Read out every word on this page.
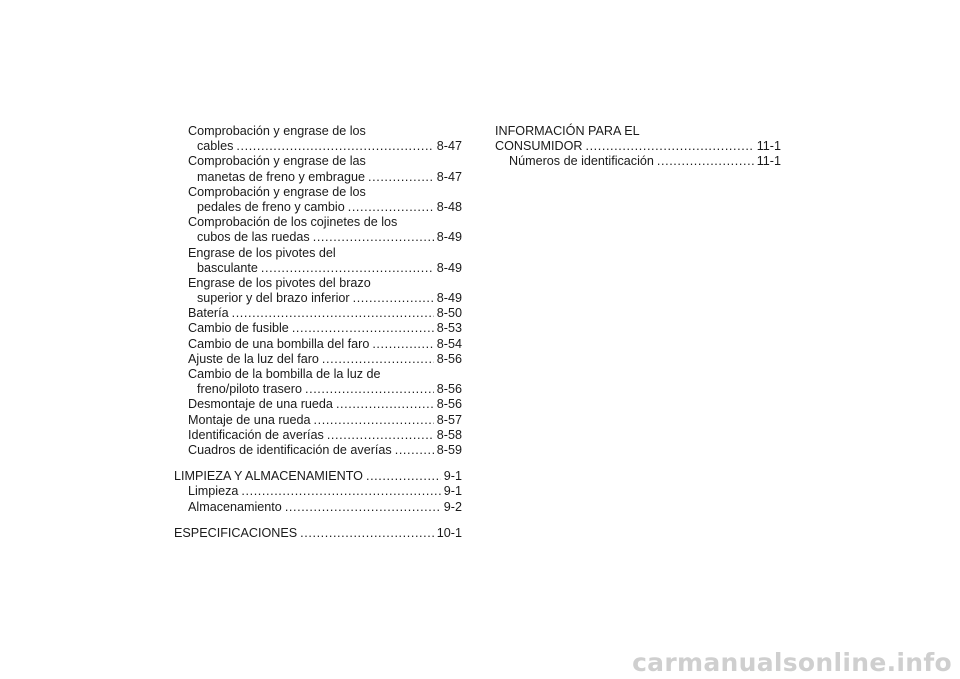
Comprobación y engrase de los
cables .....	8-47
Comprobación y engrase de las
manetas de freno y embrague .....	8-47
Comprobación y engrase de los
pedales de freno y cambio .....	8-48
Comprobación de los cojinetes de los
cubos de las ruedas .....	8-49
Engrase de los pivotes del
basculante .....	8-49
Engrase de los pivotes del brazo
superior y del brazo inferior .....	8-49
Batería .....	8-50
Cambio de fusible .....	8-53
Cambio de una bombilla del faro .....	8-54
Ajuste de la luz del faro .....	8-56
Cambio de la bombilla de la luz de
freno/piloto trasero .....	8-56
Desmontaje de una rueda .....	8-56
Montaje de una rueda .....	8-57
Identificación de averías .....	8-58
Cuadros de identificación de averías .....	8-59
LIMPIEZA Y ALMACENAMIENTO .....	9-1
Limpieza .....	9-1
Almacenamiento .....	9-2
ESPECIFICACIONES .....	10-1
INFORMACIÓN PARA EL
CONSUMIDOR .....	11-1
Números de identificación .....	11-1
carmanualsonline.info
